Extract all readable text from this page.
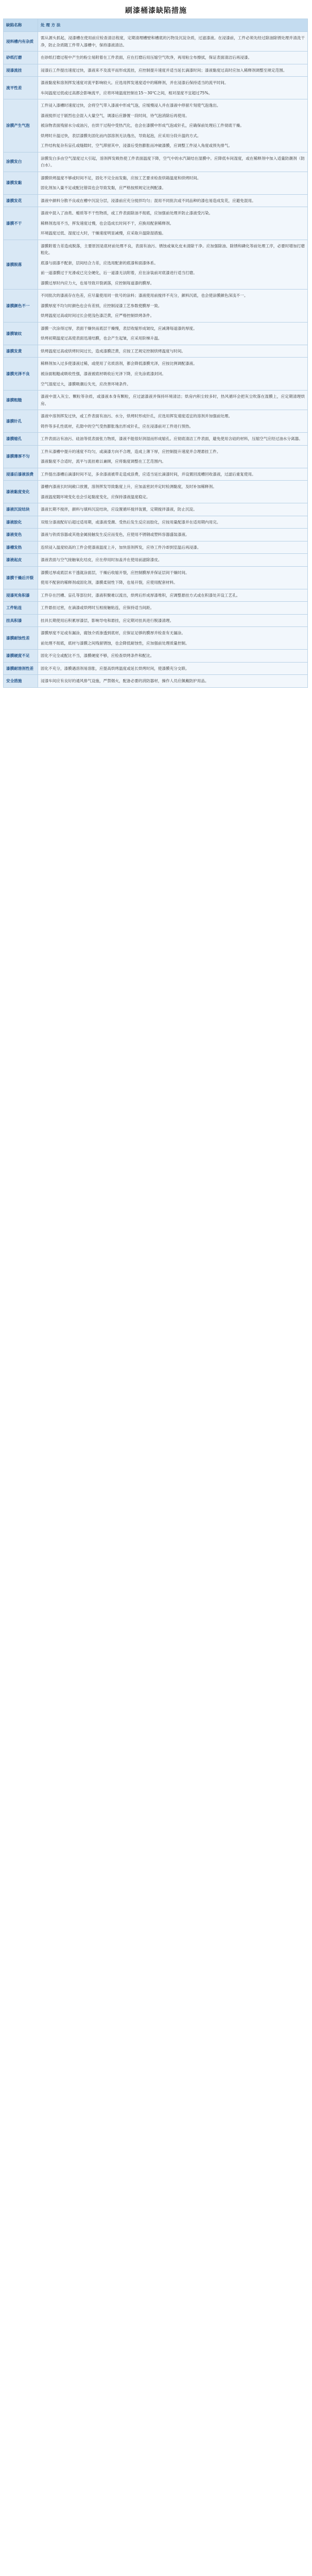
刷漆桶漆缺陷措施
缺陷名称	处 理 方 法
浸料槽内有杂质	需从源头抓起，浸漆槽在使用前应检查清洁程度，定期清理槽壁和槽底的污物及沉淀杂质，过滤漆液。在浸漆前，工件必须先经过除油除锈处理并清洗干净，防止杂质随工件带入漆槽中，保持漆液清洁。

砂纸打磨	在砂纸打磨过程中产生的粉尘易附着在工件表面，应在打磨后用压缩空气吹净，再用粘尘布擦拭，保证表面清洁后再浸漆。

浸漆流挂	浸漆后工件提出速度过快，漆液来不及流平而形成流挂，应控制提升速度并适当延长滴漆时间；漆液黏度过高时应加入稀释剂调整至规定范围。

流平性差	漆液黏度和溶剂挥发速度对流平影响较大。应选用挥发速度适中的稀释剂，并在浸漆后保持适当的流平时间。
车间温度过低或过高都会影响流平，应将环境温度控制在15～30℃之间，相对湿度不宜超过75%。

涂膜产生气泡	工件浸入漆槽时速度过快，会将空气带入漆液中形成气泡，应缓慢浸入并在漆液中停留片刻使气泡逸出。
漆液搅拌过于剧烈也会混入大量空气，调漆后应静置一段时间，待气泡消除后再使用。
被涂物表面残留水分或油污，在烘干过程中受热汽化，也会在漆膜中形成气泡或针孔，应确保前处理后工件彻底干燥。
烘烤时升温过快，表层漆膜先固化而内部溶剂无法逸出，导致起泡，应采用分段升温的方式。
工件结构复杂有盲孔或缝隙时，空气滞留其中，浸漆后受热膨胀而冲破漆膜，应调整工件浸入角度或预先排气。

涂膜发白	涂膜发白多由空气湿度过大引起，溶剂挥发吸热使工件表面温度下降，空气中的水汽凝结在湿膜中。应降低车间湿度，或在稀释剂中加入适量防潮剂（防白水）。

漆膜发黏	漆膜烘烤温度不够或时间不足，固化不完全而发黏，应按工艺要求检查烘箱温度和烘烤时间。
固化剂加入量不足或配比错误也会导致发黏，应严格按照规定比例配漆。

漆膜发花	漆液中颜料分散不良或在槽中沉淀分层，浸漆前应充分搅拌均匀；混用不同批次或不同品种的漆也易造成发花，应避免混用。

漆膜不干	漆液中混入了油类、蜡质等不干性物质，或工件表面除油不彻底，应加强前处理并防止漆液受污染。
稀释剂选用不当，挥发速度过慢，也会造成长时间不干，应换用配套稀释剂。
环境温度过低、湿度过大时，干燥速度明显减慢，应采取升温除湿措施。

漆膜脱落	漆膜附着力差造成脱落，主要原因是底材前处理不良，表面有油污、锈蚀或氧化皮未清除干净。应加强除油、除锈和磷化等前处理工序，必要时增加打磨粗化。
底漆与面漆不配套，层间结合力差，应选用配套的底漆和面漆体系。
前一道漆膜过于光滑或已完全硬化，后一道漆无法附着，应在涂装前对底漆进行适当打磨。
漆膜过厚时内应力大，也易导致开裂剥落，应控制每道漆的膜厚。

漆膜颜色不一	不同批次的漆液存在色差，应尽量使用同一批号的涂料；漆液使用前搅拌不充分，颜料沉底，也会使涂膜颜色深浅不一。
漆膜厚度不均匀时颜色也会有差别，应控制浸漆工艺参数使膜厚一致。
烘烤温度过高或时间过长会使浅色漆泛黄，应严格控制烘烤条件。

漆膜皱纹	漆膜一次涂得过厚，表面干燥快而底层干燥慢，表层收缩形成皱纹，应减薄每道漆的厚度。
烘烤初期温度过高使表面迅速结膜，也会产生起皱，应采用阶梯升温。

漆膜发黄	烘烤温度过高或烘烤时间过长，造成漆膜泛黄，应按工艺规定控制烘烤温度与时间。

漆膜光泽不良	稀释剂加入过多使漆液过稀，或使用了劣质溶剂，都会降低漆膜光泽，应按比例调配漆液。
被涂面粗糙或吸收性强，漆液被底材吸收后光泽下降，应先涂底漆封闭。
空气湿度过大，漆膜吸潮后失光，应改善环境条件。

漆膜粗糙	漆液中混入灰尘、颗粒等杂质，或漆液本身有颗粒，应过滤漆液并保持环境清洁；烘房内积尘较多时，热风循环会把灰尘吹落在湿膜上，应定期清理烘房。

漆膜针孔	漆液中溶剂挥发过快，或工件表面有油污、水分，烘烤时形成针孔，应选用挥发速度适宜的溶剂并加强前处理。
铸件等多孔性底材，孔隙中的空气受热膨胀逸出形成针孔，应在浸漆前对工件进行预热。

漆膜缩孔	工件表面沾有油污、硅油等低表面张力物质，漆液不能很好润湿而形成缩孔。应彻底清洁工件表面，避免使用含硅的材料，压缩空气应经过油水分离器。

漆膜薄厚不匀	工件从漆槽中提升的速度不均匀，或滴漆方向不合理，造成上薄下厚，应控制提升速度并合理悬挂工件。
漆液黏度不合适时，流平与流挂难以兼顾，应将黏度调整在工艺范围内。

浸漆后漆液浪费	工件提出漆槽后滴漆时间不足，多余漆液被带走造成浪费，应适当延长滴漆时间，并设置回流槽回收漆液，过滤后重复使用。

漆液黏度变化	漆槽内漆液长时间敞口放置，溶剂挥发导致黏度上升，应加盖密封并定时检测黏度，及时补加稀释剂。
漆液温度随环境变化也会引起黏度变化，应保持漆液温度稳定。

漆液沉淀结块	漆液长期不搅拌，颜料与填料沉淀结块，应设置循环搅拌装置，定期搅拌漆液，防止沉淀。

漆液胶化	双组分漆液配好后超过适用期，或漆液受潮、受热后发生反应而胶化，应按用量配漆并在适用期内用完。

漆液变色	漆液与铁质容器或其他金属接触发生反应而变色，应使用不锈钢或塑料容器盛装漆液。

漆槽发热	连续浸入温度较高的工件会使漆液温度上升，加快溶剂挥发，应待工件冷却到室温后再浸漆。

漆液起皮	漆液表面与空气接触氧化结皮，应在停用时加盖并在使用前滤除漆皮。

漆膜干燥后开裂	漆膜过厚或底层未干透就涂面层，干燥后收缩开裂，应控制膜厚并保证层间干燥时间。
使用不配套的稀释剂或固化剂，漆膜柔韧性下降，也易开裂，应使用配套材料。

浸漆死角积漆	工件存在凹槽、盲孔等部位时，漆液积聚难以流出，烘烤后形成厚漆堆积，应调整悬挂方式或在积漆处开设工艺孔。

工件粘连	工件悬挂过密，在滴漆或烘烤时互相接触粘连，应保持适当间距。

挂具积漆	挂具长期使用后积累厚漆层，影响导电和悬挂，应定期对挂具进行脱漆清理。

漆膜耐蚀性差	漆膜厚度不足或有漏涂，腐蚀介质渗透到底材，应保证足够的膜厚并检查有无漏涂。
前处理不彻底，底材与漆膜之间残留锈蚀，也会降低耐蚀性，应加强前处理质量控制。

漆膜硬度不足	固化不完全或配比不当，漆膜硬度不够，应检查烘烤条件和配比。

漆膜耐溶剂性差	固化不充分，漆膜遇溶剂易溶胀，应提高烘烤温度或延长烘烤时间，使漆膜充分交联。

安全措施	浸漆车间应有良好的通风排气设施，严禁烟火，配备必要的消防器材，操作人员应佩戴防护用品。
